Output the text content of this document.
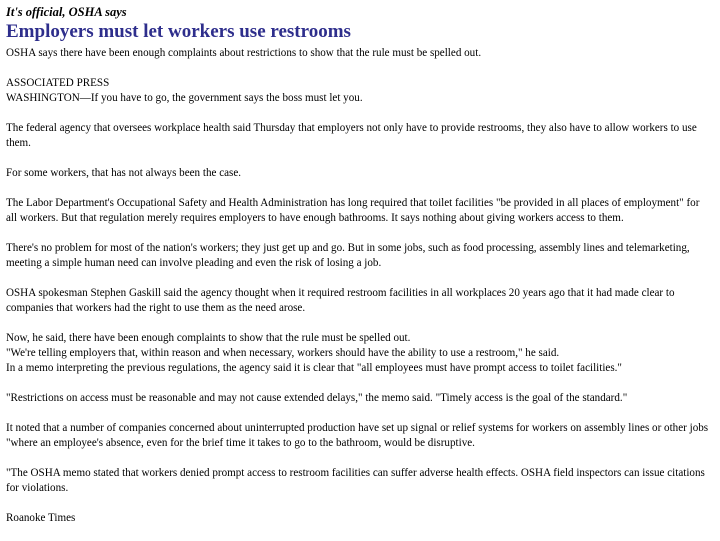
It's official, OSHA says

Employers must let workers use restrooms

OSHA says there have been enough complaints about restrictions to show that the rule must be spelled out.

ASSOCIATED PRESS
WASHINGTON—If you have to go, the government says the boss must let you.

The federal agency that oversees workplace health said Thursday that employers not only have to provide restrooms, they also have to allow workers to use them.

For some workers, that has not always been the case.

The Labor Department's Occupational Safety and Health Administration has long required that toilet facilities "be provided in all places of employment" for all workers. But that regulation merely requires employers to have enough bathrooms. It says nothing about giving workers access to them.

There's no problem for most of the nation's workers; they just get up and go. But in some jobs, such as food processing, assembly lines and telemarketing, meeting a simple human need can involve pleading and even the risk of losing a job.

OSHA spokesman Stephen Gaskill said the agency thought when it required restroom facilities in all workplaces 20 years ago that it had made clear to companies that workers had the right to use them as the need arose.

Now, he said, there have been enough complaints to show that the rule must be spelled out.
"We're telling employers that, within reason and when necessary, workers should have the ability to use a restroom," he said.
In a memo interpreting the previous regulations, the agency said it is clear that "all employees must have prompt access to toilet facilities."

"Restrictions on access must be reasonable and may not cause extended delays," the memo said. "Timely access is the goal of the standard."

It noted that a number of companies concerned about uninterrupted production have set up signal or relief systems for workers on assembly lines or other jobs "where an employee's absence, even for the brief time it takes to go to the bathroom, would be disruptive.

"The OSHA memo stated that workers denied prompt access to restroom facilities can suffer adverse health effects. OSHA field inspectors can issue citations for violations.

Roanoke Times
